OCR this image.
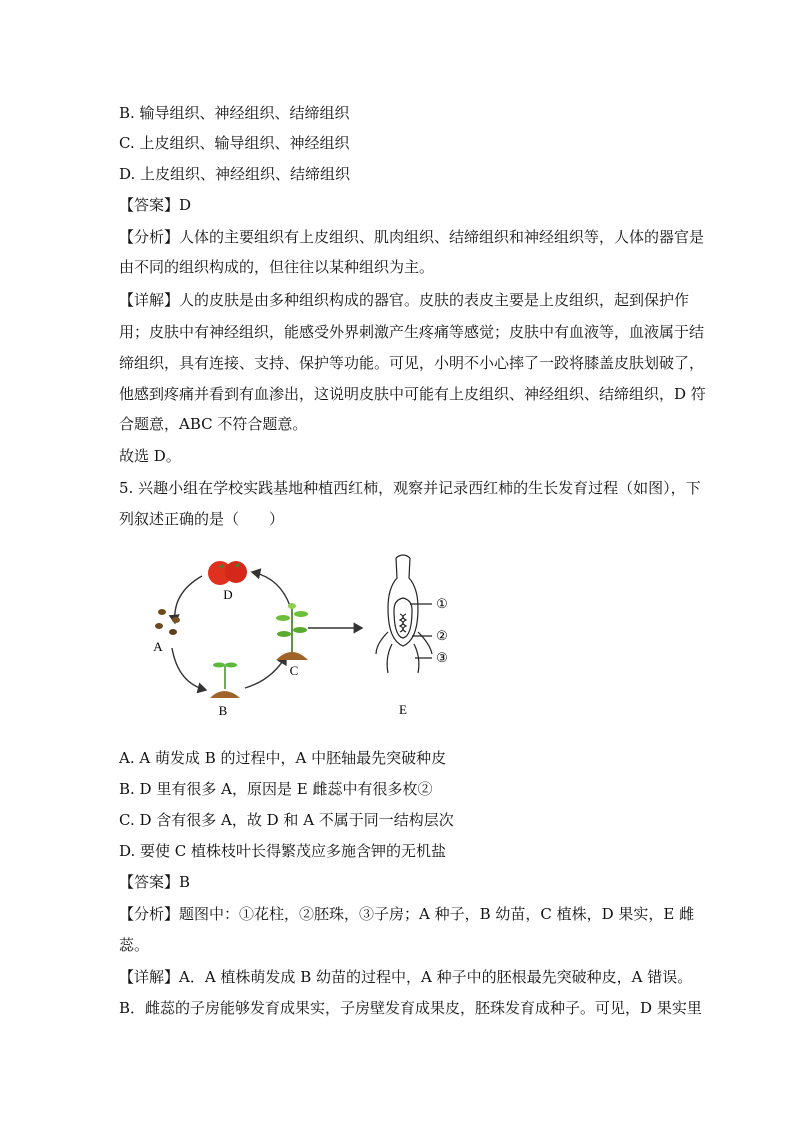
B. 输导组织、神经组织、结缔组织
C. 上皮组织、输导组织、神经组织
D. 上皮组织、神经组织、结缔组织
【答案】D
【分析】人体的主要组织有上皮组织、肌肉组织、结缔组织和神经组织等，人体的器官是
由不同的组织构成的，但往往以某种组织为主。
【详解】人的皮肤是由多种组织构成的器官。皮肤的表皮主要是上皮组织，起到保护作
用；皮肤中有神经组织，能感受外界刺激产生疼痛等感觉；皮肤中有血液等，血液属于结
缔组织，具有连接、支持、保护等功能。可见，小明不小心摔了一跤将膝盖皮肤划破了，
他感到疼痛并看到有血渗出，这说明皮肤中可能有上皮组织、神经组织、结缔组织，D 符
合题意，ABC 不符合题意。
故选 D。
5. 兴趣小组在学校实践基地种植西红柿，观察并记录西红柿的生长发育过程（如图），下
列叙述正确的是（　　）
D
A
B
C
①
②
③
E
A. A 萌发成 B 的过程中，A 中胚轴最先突破种皮
B. D 里有很多 A，原因是 E 雌蕊中有很多枚②
C. D 含有很多 A，故 D 和 A 不属于同一结构层次
D. 要使 C 植株枝叶长得繁茂应多施含钾的无机盐
【答案】B
【分析】题图中：①花柱，②胚珠，③子房；A 种子，B 幼苗，C 植株，D 果实，E 雌
蕊。
【详解】A．A 植株萌发成 B 幼苗的过程中，A 种子中的胚根最先突破种皮，A 错误。
B．雌蕊的子房能够发育成果实，子房壁发育成果皮，胚珠发育成种子。可见，D 果实里
